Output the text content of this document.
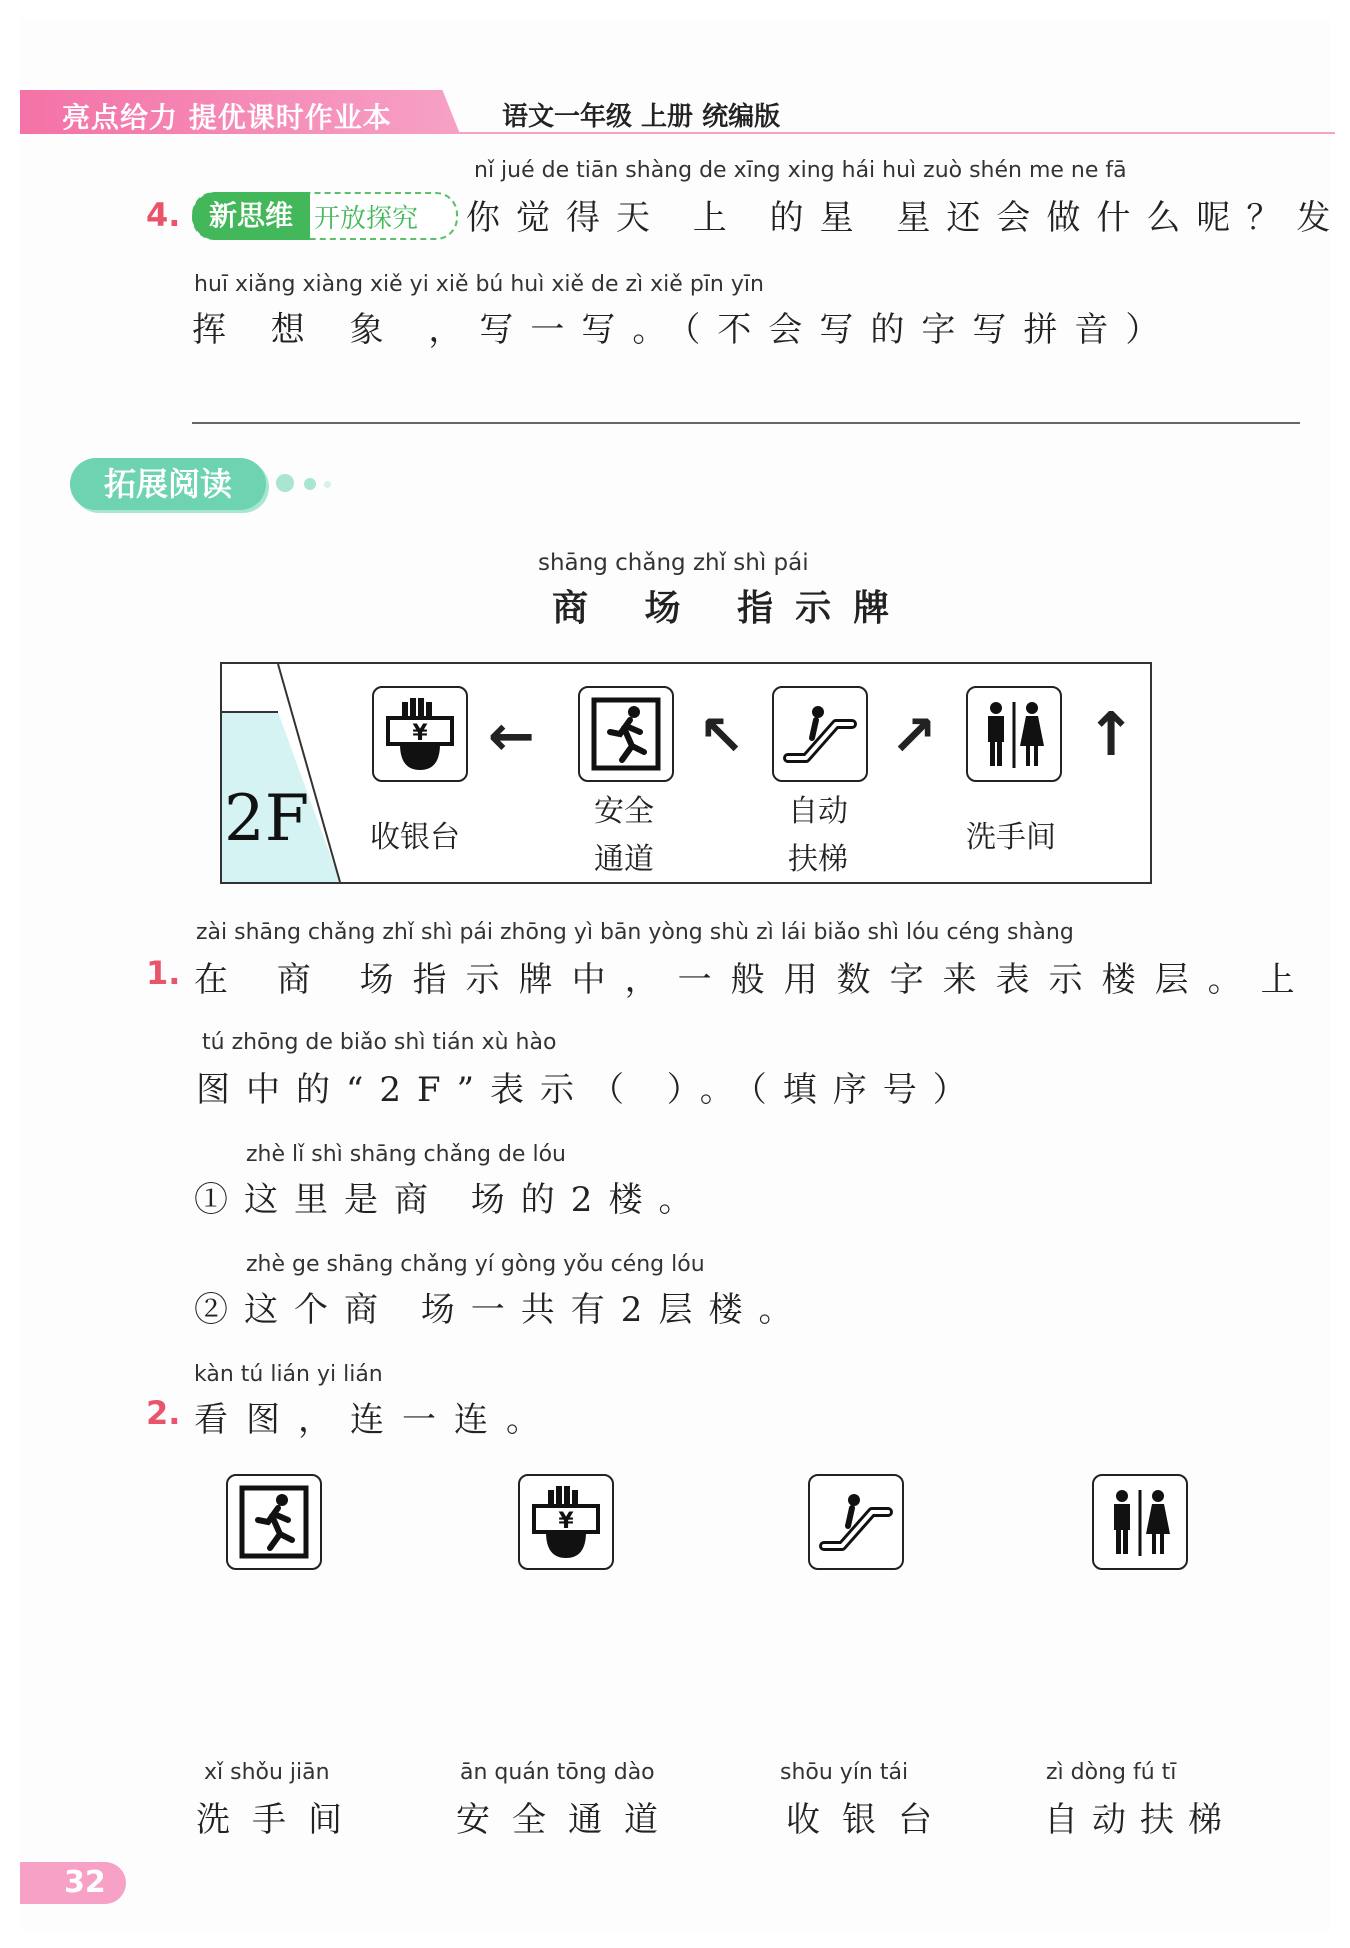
亮点给力 提优课时作业本	语文一年级 上册 统编版
4.	新思维 开放探究
nǐ jué de tiān shàng de xīng xing hái huì zuò shén me ne fā
你觉得天 上 的星 星还会做什么呢？发
huī xiǎng xiàng xiě yi xiě bú huì xiě de zì xiě pīn yīn
挥 想 象 ，写一写。（不会写的字写拼音）
拓展阅读
shāng chǎng zhǐ shì pái
商 场 指示牌
2F
¥ ←
收银台
↖
安全
通道
↗
自动
扶梯
↑
洗手间
zài shāng chǎng zhǐ shì pái zhōng yì bān yòng shù zì lái biǎo shì lóu céng shàng
1. 在 商 场指示牌中，一般用数字来表示楼层。上
tú zhōng de biǎo shì tián xù hào
图中的“2F”表示（ ）。（填序号）
zhè lǐ shì shāng chǎng de lóu
①这里是商 场的2楼。
zhè ge shāng chǎng yí gòng yǒu céng lóu
②这个商 场一共有2层楼。
kàn tú lián yi lián
2. 看图，连一连。
¥
xǐ shǒu jiān
洗手间
ān quán tōng dào
安全通道
shōu yín tái
收银台
zì dòng fú tī
自动扶梯
32
